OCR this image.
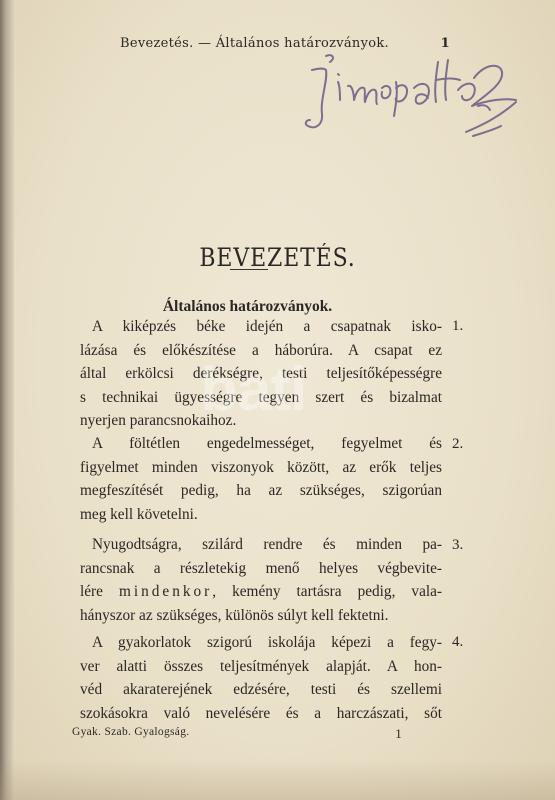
Bevezetés. — Általános határozványok.	1
BEVEZETÉS.
Általános határozványok.

A kiképzés béke idején a csapatnak isko-
lázása és előkészítése a háborúra. A csapat ez
által erkölcsi derékségre, testi teljesítőképességre
s technikai ügyességre tegyen szert és bizalmat
nyerjen parancsnokaihoz.

1.

A föltétlen engedelmességet, fegyelmet és
figyelmet minden viszonyok között, az erők teljes
megfeszítését pedig, ha az szükséges, szigorúan
meg kell követelni.

2.

Nyugodtságra, szilárd rendre és minden pa-
rancsnak a részletekig menő helyes végbevite-
lére mindenkor, kemény tartásra pedig, vala-
hányszor az szükséges, különös súlyt kell fektetni.

3.

A gyakorlatok szigorú iskolája képezi a fegy-
ver alatti összes teljesítmények alapját. A hon-
véd akaraterejének edzésére, testi és szellemi
szokásokra való nevelésére és a harczászati, sőt

4.
bati
Gyak. Szab. Gyalogság.	1
